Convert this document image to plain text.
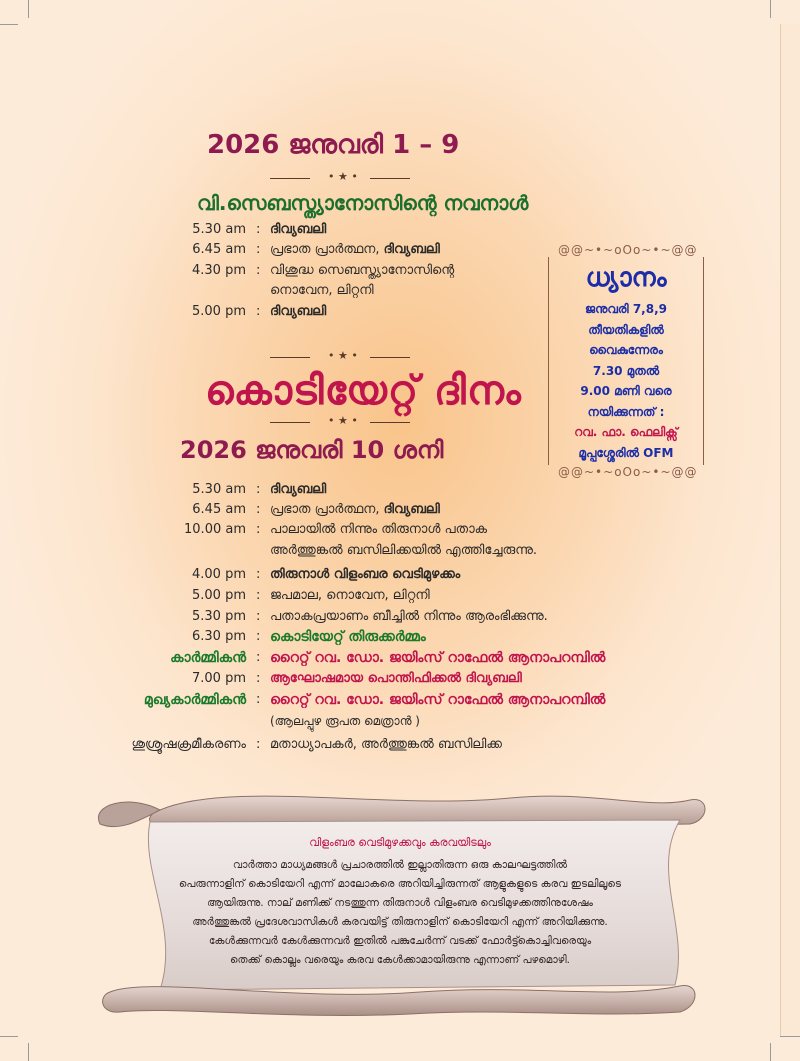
2026 ജനുവരി 1 – 9
• ★ •
വി.സെബസ്ത്യാനോസിന്റെ നവനാൾ
5.30 am : ദിവ്യബലി
6.45 am : പ്രഭാത പ്രാർത്ഥന, ദിവ്യബലി
4.30 pm : വിശുദ്ധ സെബസ്ത്യാനോസിന്റെ
നൊവേന, ലിറ്റനി
5.00 pm : ദിവ്യബലി
@@~•~oOo~•~@@
ധ്യാനം
ജനുവരി 7,8,9
തീയതികളിൽ
വൈകുന്നേരം
7.30 മുതൽ
9.00 മണി വരെ
നയിക്കുന്നത് :
റവ. ഫാ. ഫെലിക്സ്
മൂപ്പശ്ശേരിൽ OFM
@@~•~oOo~•~@@
• ★ •
കൊടിയേറ്റ് ദിനം
• ★ •
2026 ജനുവരി 10 ശനി
5.30 am : ദിവ്യബലി
6.45 am : പ്രഭാത പ്രാർത്ഥന, ദിവ്യബലി
10.00 am : പാലായിൽ നിന്നും തിരുനാൾ പതാക
അർത്തുങ്കൽ ബസിലിക്കയിൽ എത്തിച്ചേരുന്നു.
4.00 pm : തിരുനാൾ വിളംബര വെടിമുഴക്കം
5.00 pm : ജപമാല, നൊവേന, ലിറ്റനി
5.30 pm : പതാകപ്രയാണം ബീച്ചിൽ നിന്നും ആരംഭിക്കുന്നു.
6.30 pm : കൊടിയേറ്റ് തിരുക്കർമ്മം
കാർമ്മികൻ : റൈറ്റ് റവ. ഡോ. ജയിംസ് റാഫേൽ ആനാപറമ്പിൽ
7.00 pm : ആഘോഷമായ പൊന്തിഫിക്കൽ ദിവ്യബലി
മുഖ്യകാർമ്മികൻ : റൈറ്റ് റവ. ഡോ. ജയിംസ് റാഫേൽ ആനാപറമ്പിൽ
(ആലപ്പുഴ രൂപത മെത്രാൻ )
ശുശ്രൂഷക്രമീകരണം : മതാധ്യാപകർ, അർത്തുങ്കൽ ബസിലിക്ക
വിളംബര വെടിമുഴക്കവും കരവയിടലും
വാർത്താ മാധ്യമങ്ങൾ പ്രചാരത്തിൽ ഇല്ലാതിരുന്ന ഒരു കാലഘട്ടത്തിൽ
പെരുന്നാളിന് കൊടിയേറി എന്ന് മാലോകരെ അറിയിച്ചിരുന്നത് ആളുകളുടെ കരവ ഇടലിലൂടെ
ആയിരുന്നു. നാല് മണിക്ക് നടത്തുന്ന തിരുനാൾ വിളംബര വെടിമുഴക്കത്തിനുശേഷം
അർത്തുങ്കൽ പ്രദേശവാസികൾ കരവയിട്ട് തിരുനാളിന് കൊടിയേറി എന്ന് അറിയിക്കുന്നു.
കേൾക്കുന്നവർ കേൾക്കുന്നവർ ഇതിൽ പങ്കുചേർന്ന് വടക്ക് ഫോർട്ട്കൊച്ചിവരെയും
തെക്ക് കൊല്ലം വരെയും കരവ കേൾക്കാമായിരുന്നു എന്നാണ് പഴമൊഴി.
